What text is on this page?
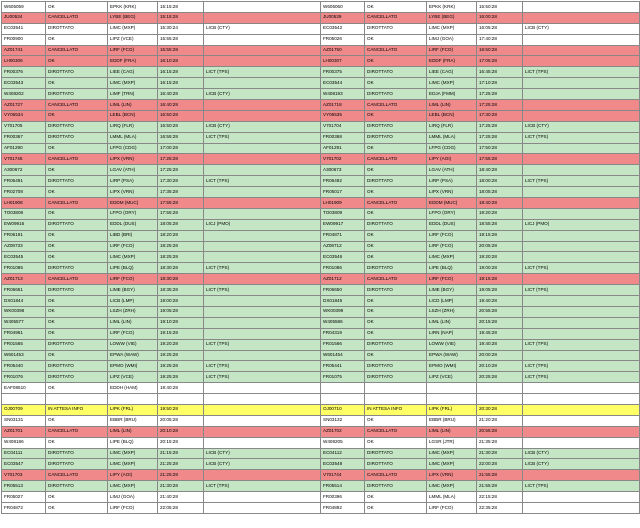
W605059	OK	EPKK (KRK)	15:15:28		W605060	OK	EPKK (KRK)	15:50:28	
JU00534	CANCELLATO	LYBE (BEG)	15:15:28		JU00539	CANCELLATO	LYBE (BEG)	16:00:28	
EC03541	DIROTTATO	LIMC (MXP)	15:30:24	LICB (CTY)	EC03542	DIROTTATO	LIMC (MXP)	16:05:28	LICB (CTY)
FR00900	OK	LIPZ (VCE)	15:55:28		FR05026	OK	LIMJ (GOA)	17:40:28	
AZ01741	CANCELLATO	LIRF (FCO)	15:55:28		AZ01750	CANCELLATO	LIRF (FCO)	16:50:28	
LH00306	OK	EDDF (FRA)	16:10:28		LH00307	OK	EDDF (FRA)	17:05:28	
FR00376	DIROTTATO	LIEE (CAG)	16:15:28	LICT (TPS)	FR00375	DIROTTATO	LIEE (CAG)	16:45:28	LICT (TPS)
EC03543	OK	LIMC (MXP)	16:15:28		EC03544	OK	LIMC (MXP)	17:10:28	
W408202	DIROTTATO	LIMF (TRN)	16:40:28	LICB (CTY)	W408193	DIROTTATO	EDJA (FMM)	17:25:28	
AZ01727	CANCELLATO	LIML (LIN)	16:40:28		AZ01718	CANCELLATO	LIML (LIN)	17:25:28	
VY06534	OK	LEBL (BCN)	16:50:28		VY06535	OK	LEBL (BCN)	17:30:28	
V701705	DIROTTATO	LIRQ (FLR)	16:50:28	LICB (CTY)	V701704	DIROTTATO	LIRQ (FLR)	17:25:28	LICB (CTY)
FR00367	DIROTTATO	LMML (MLA)	16:55:28	LICT (TPS)	FR00368	DIROTTATO	LMML (MLA)	17:25:28	LICT (TPS)
AF01290	OK	LFPG (CDG)	17:00:28		AF01291	OK	LFPG (CDG)	17:50:28	
V701745	CANCELLATO	LIPX (VRN)	17:25:28		V701702	CANCELLATO	LIPY (AOI)	17:55:28	
A300672	OK	LGAV (ATH)	17:25:28		A300673	OK	LGAV (ATH)	18:40:28	
FR06491	DIROTTATO	LIRP (PSA)	17:30:28	LICT (TPS)	FR06492	DIROTTATO	LIRP (PSA)	18:00:28	LICT (TPS)
FR02708	OK	LIPX (VRN)	17:35:28		FR05017	OK	LIPX (VRN)	18:05:28	
LH01908	CANCELLATO	EDDM (MUC)	17:55:28		LH01909	CANCELLATO	EDDM (MUC)	18:40:28	
TO03808	OK	LFPO (ORY)	17:55:28		TO03809	OK	LFPO (ORY)	19:20:28	
EW09916	DIROTTATO	EDDL (DUS)	18:05:28	LICJ (PMO)	EW09917	DIROTTATO	EDDL (DUS)	18:55:28	LICJ (PMO)
FR06191	OK	LIBD (BRI)	18:20:28		FR04871	OK	LIRF (FCO)	19:15:28	
AZ08733	OK	LIRF (FCO)	18:25:28		AZ08712	OK	LIRF (FCO)	20:05:28	
EC03545	OK	LIMC (MXP)	18:25:28		EC03546	OK	LIMC (MXP)	19:20:28	
FR01085	DIROTTATO	LIPE (BLQ)	18:30:28	LICT (TPS)	FR01086	DIROTTATO	LIPE (BLQ)	19:00:28	LICT (TPS)
AZ01713	CANCELLATO	LIRF (FCO)	18:30:28		AZ01712	CANCELLATO	LIRF (FCO)	19:15:28	
FR06651	DIROTTATO	LIME (BGY)	18:35:28	LICT (TPS)	FR06650	DIROTTATO	LIME (BGY)	19:05:28	LICT (TPS)
DX01844	OK	LICB (LMP)	19:00:28		DX01845	OK	LICD (LMP)	19:40:28	
WK00398	OK	LSZH (ZRH)	19:05:28		WK00399	OK	LSZH (ZRH)	20:55:28	
W405577	OK	LIML (LIN)	19:10:28		W405586	OK	LIML (LIN)	20:15:28	
FR04961	OK	LIRF (FCO)	19:15:28		FR04319	OK	LIRN (NAP)	19:45:28	
FR01565	DIROTTATO	LOWW (VIE)	19:20:28	LICT (TPS)	FR01566	DIROTTATO	LOWW (VIE)	19:40:28	LICT (TPS)
W601453	OK	EPWA (WAW)	19:25:28		W601454	OK	EPWA (WAW)	20:00:28	
FR05440	DIROTTATO	EPMO (WMI)	19:25:28	LICT (TPS)	FR05441	DIROTTATO	EPMO (WMI)	20:10:28	LICT (TPS)
FR01076	DIROTTATO	LIPZ (VCE)	19:25:28	LICT (TPS)	FR01075	DIROTTATO	LIPZ (VCE)	20:25:28	LICT (TPS)
EAF08510	OK	EDDH (HAM)	19:40:28						

OJ00709	IN ATTESA INFO	LIPK (FRL)	19:50:28		OJ00710	IN ATTESA INFO	LIPK (FRL)	20:30:28	
SN03131	OK	EBBR (BRU)	20:05:28		SN03132	OK	EBBR (BRU)	21:20:28	
AZ01701	CANCELLATO	LIML (LIN)	20:10:28		AZ01702	CANCELLATO	LIML (LIN)	20:55:28	
W408186	OK	LIPE (BLQ)	20:15:28		W408205	OK	LGSR (JTR)	21:35:28	
EC04111	DIROTTATO	LIMC (MXP)	21:15:28	LICB (CTY)	EC04112	DIROTTATO	LIMC (MXP)	21:30:28	LICB (CTY)
EC03547	DIROTTATO	LIMC (MXP)	21:25:28	LICB (CTY)	EC03548	DIROTTATO	LIMC (MXP)	22:00:28	LICB (CTY)
V701703	CANCELLATO	LIPY (AOI)	21:25:28		V701744	CANCELLATO	LIPX (VRN)	21:55:28	
FR05513	DIROTTATO	LIMC (MXP)	21:30:28	LICT (TPS)	FR05514	DIROTTATO	LIMC (MXP)	21:55:28	LICT (TPS)
FR05027	OK	LIMJ (GOA)	21:40:28		FR00396	OK	LMML (MLA)	22:15:28	
FR04872	OK	LIRF (FCO)	22:05:28		FR04892	OK	LIRF (FCO)	22:35:28	
